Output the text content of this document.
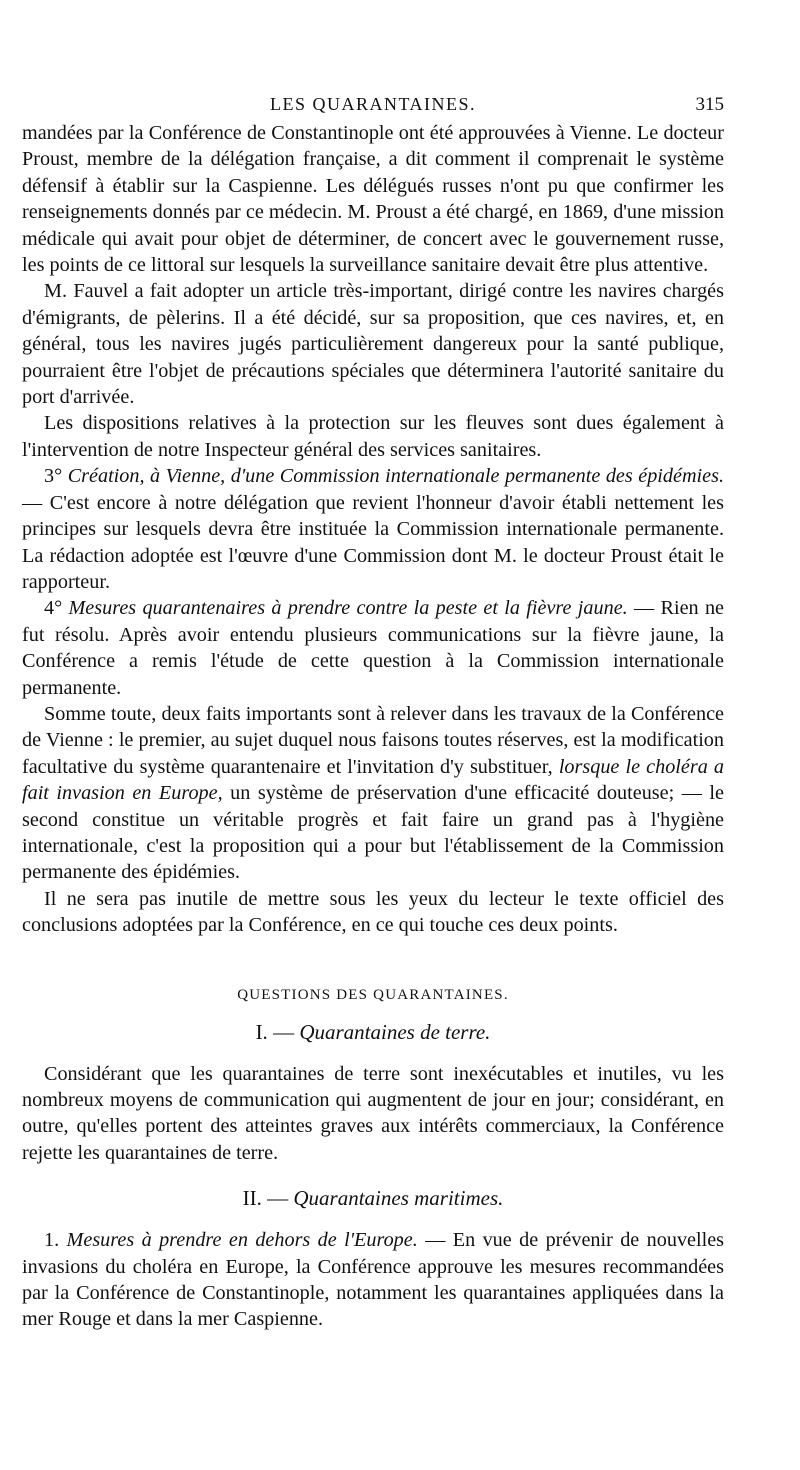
LES QUARANTAINES.	315

mandées par la Conférence de Constantinople ont été approuvées à Vienne. Le docteur Proust, membre de la délégation française, a dit comment il comprenait le système défensif à établir sur la Caspienne. Les délégués russes n'ont pu que confirmer les renseignements donnés par ce médecin. M. Proust a été chargé, en 1869, d'une mission médicale qui avait pour objet de déterminer, de concert avec le gouvernement russe, les points de ce littoral sur lesquels la surveillance sanitaire devait être plus attentive.

M. Fauvel a fait adopter un article très-important, dirigé contre les navires chargés d'émigrants, de pèlerins. Il a été décidé, sur sa proposition, que ces navires, et, en général, tous les navires jugés particulièrement dangereux pour la santé publique, pourraient être l'objet de précautions spéciales que déterminera l'autorité sanitaire du port d'arrivée.

Les dispositions relatives à la protection sur les fleuves sont dues également à l'intervention de notre Inspecteur général des services sanitaires.

3° Création, à Vienne, d'une Commission internationale permanente des épidémies. — C'est encore à notre délégation que revient l'honneur d'avoir établi nettement les principes sur lesquels devra être instituée la Commission internationale permanente. La rédaction adoptée est l'œuvre d'une Commission dont M. le docteur Proust était le rapporteur.

4° Mesures quarantenaires à prendre contre la peste et la fièvre jaune. — Rien ne fut résolu. Après avoir entendu plusieurs communications sur la fièvre jaune, la Conférence a remis l'étude de cette question à la Commission internationale permanente.

Somme toute, deux faits importants sont à relever dans les travaux de la Conférence de Vienne : le premier, au sujet duquel nous faisons toutes réserves, est la modification facultative du système quarantenaire et l'invitation d'y substituer, lorsque le choléra a fait invasion en Europe, un système de préservation d'une efficacité douteuse; — le second constitue un véritable progrès et fait faire un grand pas à l'hygiène internationale, c'est la proposition qui a pour but l'établissement de la Commission permanente des épidémies.

Il ne sera pas inutile de mettre sous les yeux du lecteur le texte officiel des conclusions adoptées par la Conférence, en ce qui touche ces deux points.

QUESTIONS DES QUARANTAINES.
I. — Quarantaines de terre.

Considérant que les quarantaines de terre sont inexécutables et inutiles, vu les nombreux moyens de communication qui augmentent de jour en jour; considérant, en outre, qu'elles portent des atteintes graves aux intérêts commerciaux, la Conférence rejette les quarantaines de terre.

II. — Quarantaines maritimes.

1. Mesures à prendre en dehors de l'Europe. — En vue de prévenir de nouvelles invasions du choléra en Europe, la Conférence approuve les mesures recommandées par la Conférence de Constantinople, notamment les quarantaines appliquées dans la mer Rouge et dans la mer Caspienne.
